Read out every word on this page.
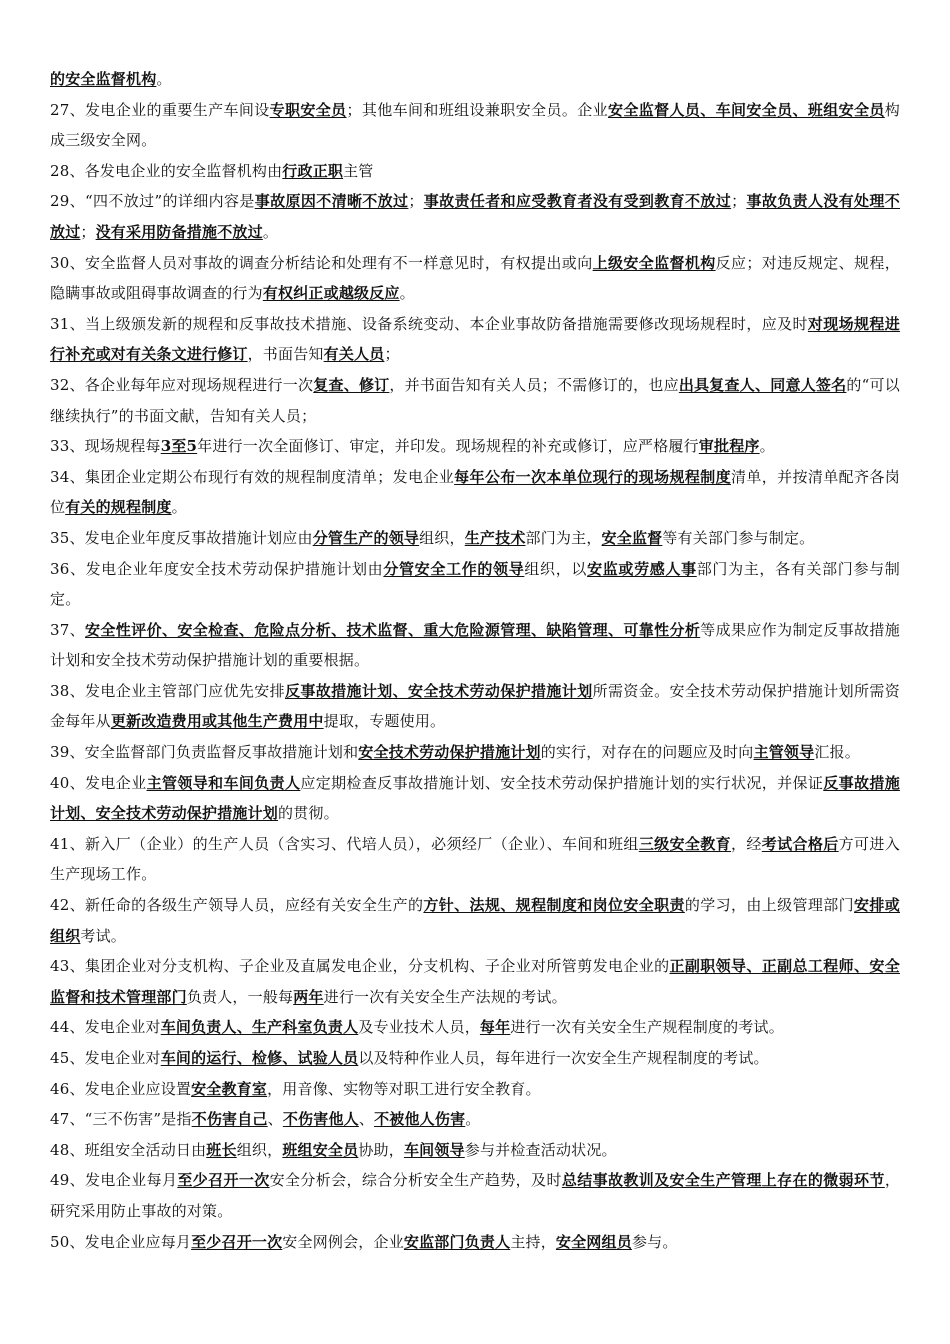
的安全监督机构。

27、发电企业的重要生产车间设专职安全员；其他车间和班组设兼职安全员。企业安全监督人员、车间安全员、班组安全员构成三级安全网。

28、各发电企业的安全监督机构由行政正职主管

29、“四不放过”的详细内容是事故原因不清晰不放过；事故责任者和应受教育者没有受到教育不放过；事故负责人没有处理不放过；没有采用防备措施不放过。

30、安全监督人员对事故的调查分析结论和处理有不一样意见时，有权提出或向上级安全监督机构反应；对违反规定、规程，隐瞒事故或阻碍事故调查的行为有权纠正或越级反应。

31、当上级颁发新的规程和反事故技术措施、设备系统变动、本企业事故防备措施需要修改现场规程时，应及时对现场规程进行补充或对有关条文进行修订，书面告知有关人员；

32、各企业每年应对现场规程进行一次复查、修订，并书面告知有关人员；不需修订的，也应出具复查人、同意人签名的“可以继续执行”的书面文献，告知有关人员；

33、现场规程每3至5年进行一次全面修订、审定，并印发。现场规程的补充或修订，应严格履行审批程序。

34、集团企业定期公布现行有效的规程制度清单；发电企业每年公布一次本单位现行的现场规程制度清单，并按清单配齐各岗位有关的规程制度。

35、发电企业年度反事故措施计划应由分管生产的领导组织，生产技术部门为主，安全监督等有关部门参与制定。

36、发电企业年度安全技术劳动保护措施计划由分管安全工作的领导组织，以安监或劳感人事部门为主，各有关部门参与制定。

37、安全性评价、安全检查、危险点分析、技术监督、重大危险源管理、缺陷管理、可靠性分析等成果应作为制定反事故措施计划和安全技术劳动保护措施计划的重要根据。

38、发电企业主管部门应优先安排反事故措施计划、安全技术劳动保护措施计划所需资金。安全技术劳动保护措施计划所需资金每年从更新改造费用或其他生产费用中提取，专题使用。

39、安全监督部门负责监督反事故措施计划和安全技术劳动保护措施计划的实行，对存在的问题应及时向主管领导汇报。

40、发电企业主管领导和车间负责人应定期检查反事故措施计划、安全技术劳动保护措施计划的实行状况，并保证反事故措施计划、安全技术劳动保护措施计划的贯彻。

41、新入厂（企业）的生产人员（含实习、代培人员），必须经厂（企业）、车间和班组三级安全教育，经考试合格后方可进入生产现场工作。

42、新任命的各级生产领导人员，应经有关安全生产的方针、法规、规程制度和岗位安全职责的学习，由上级管理部门安排或组织考试。

43、集团企业对分支机构、子企业及直属发电企业，分支机构、子企业对所管剪发电企业的正副职领导、正副总工程师、安全监督和技术管理部门负责人，一般每两年进行一次有关安全生产法规的考试。

44、发电企业对车间负责人、生产科室负责人及专业技术人员，每年进行一次有关安全生产规程制度的考试。

45、发电企业对车间的运行、检修、试验人员以及特种作业人员，每年进行一次安全生产规程制度的考试。

46、发电企业应设置安全教育室，用音像、实物等对职工进行安全教育。

47、“三不伤害”是指不伤害自己、不伤害他人、不被他人伤害。

48、班组安全活动日由班长组织，班组安全员协助，车间领导参与并检查活动状况。

49、发电企业每月至少召开一次安全分析会，综合分析安全生产趋势，及时总结事故教训及安全生产管理上存在的微弱环节，研究采用防止事故的对策。

50、发电企业应每月至少召开一次安全网例会，企业安监部门负责人主持，安全网组员参与。
